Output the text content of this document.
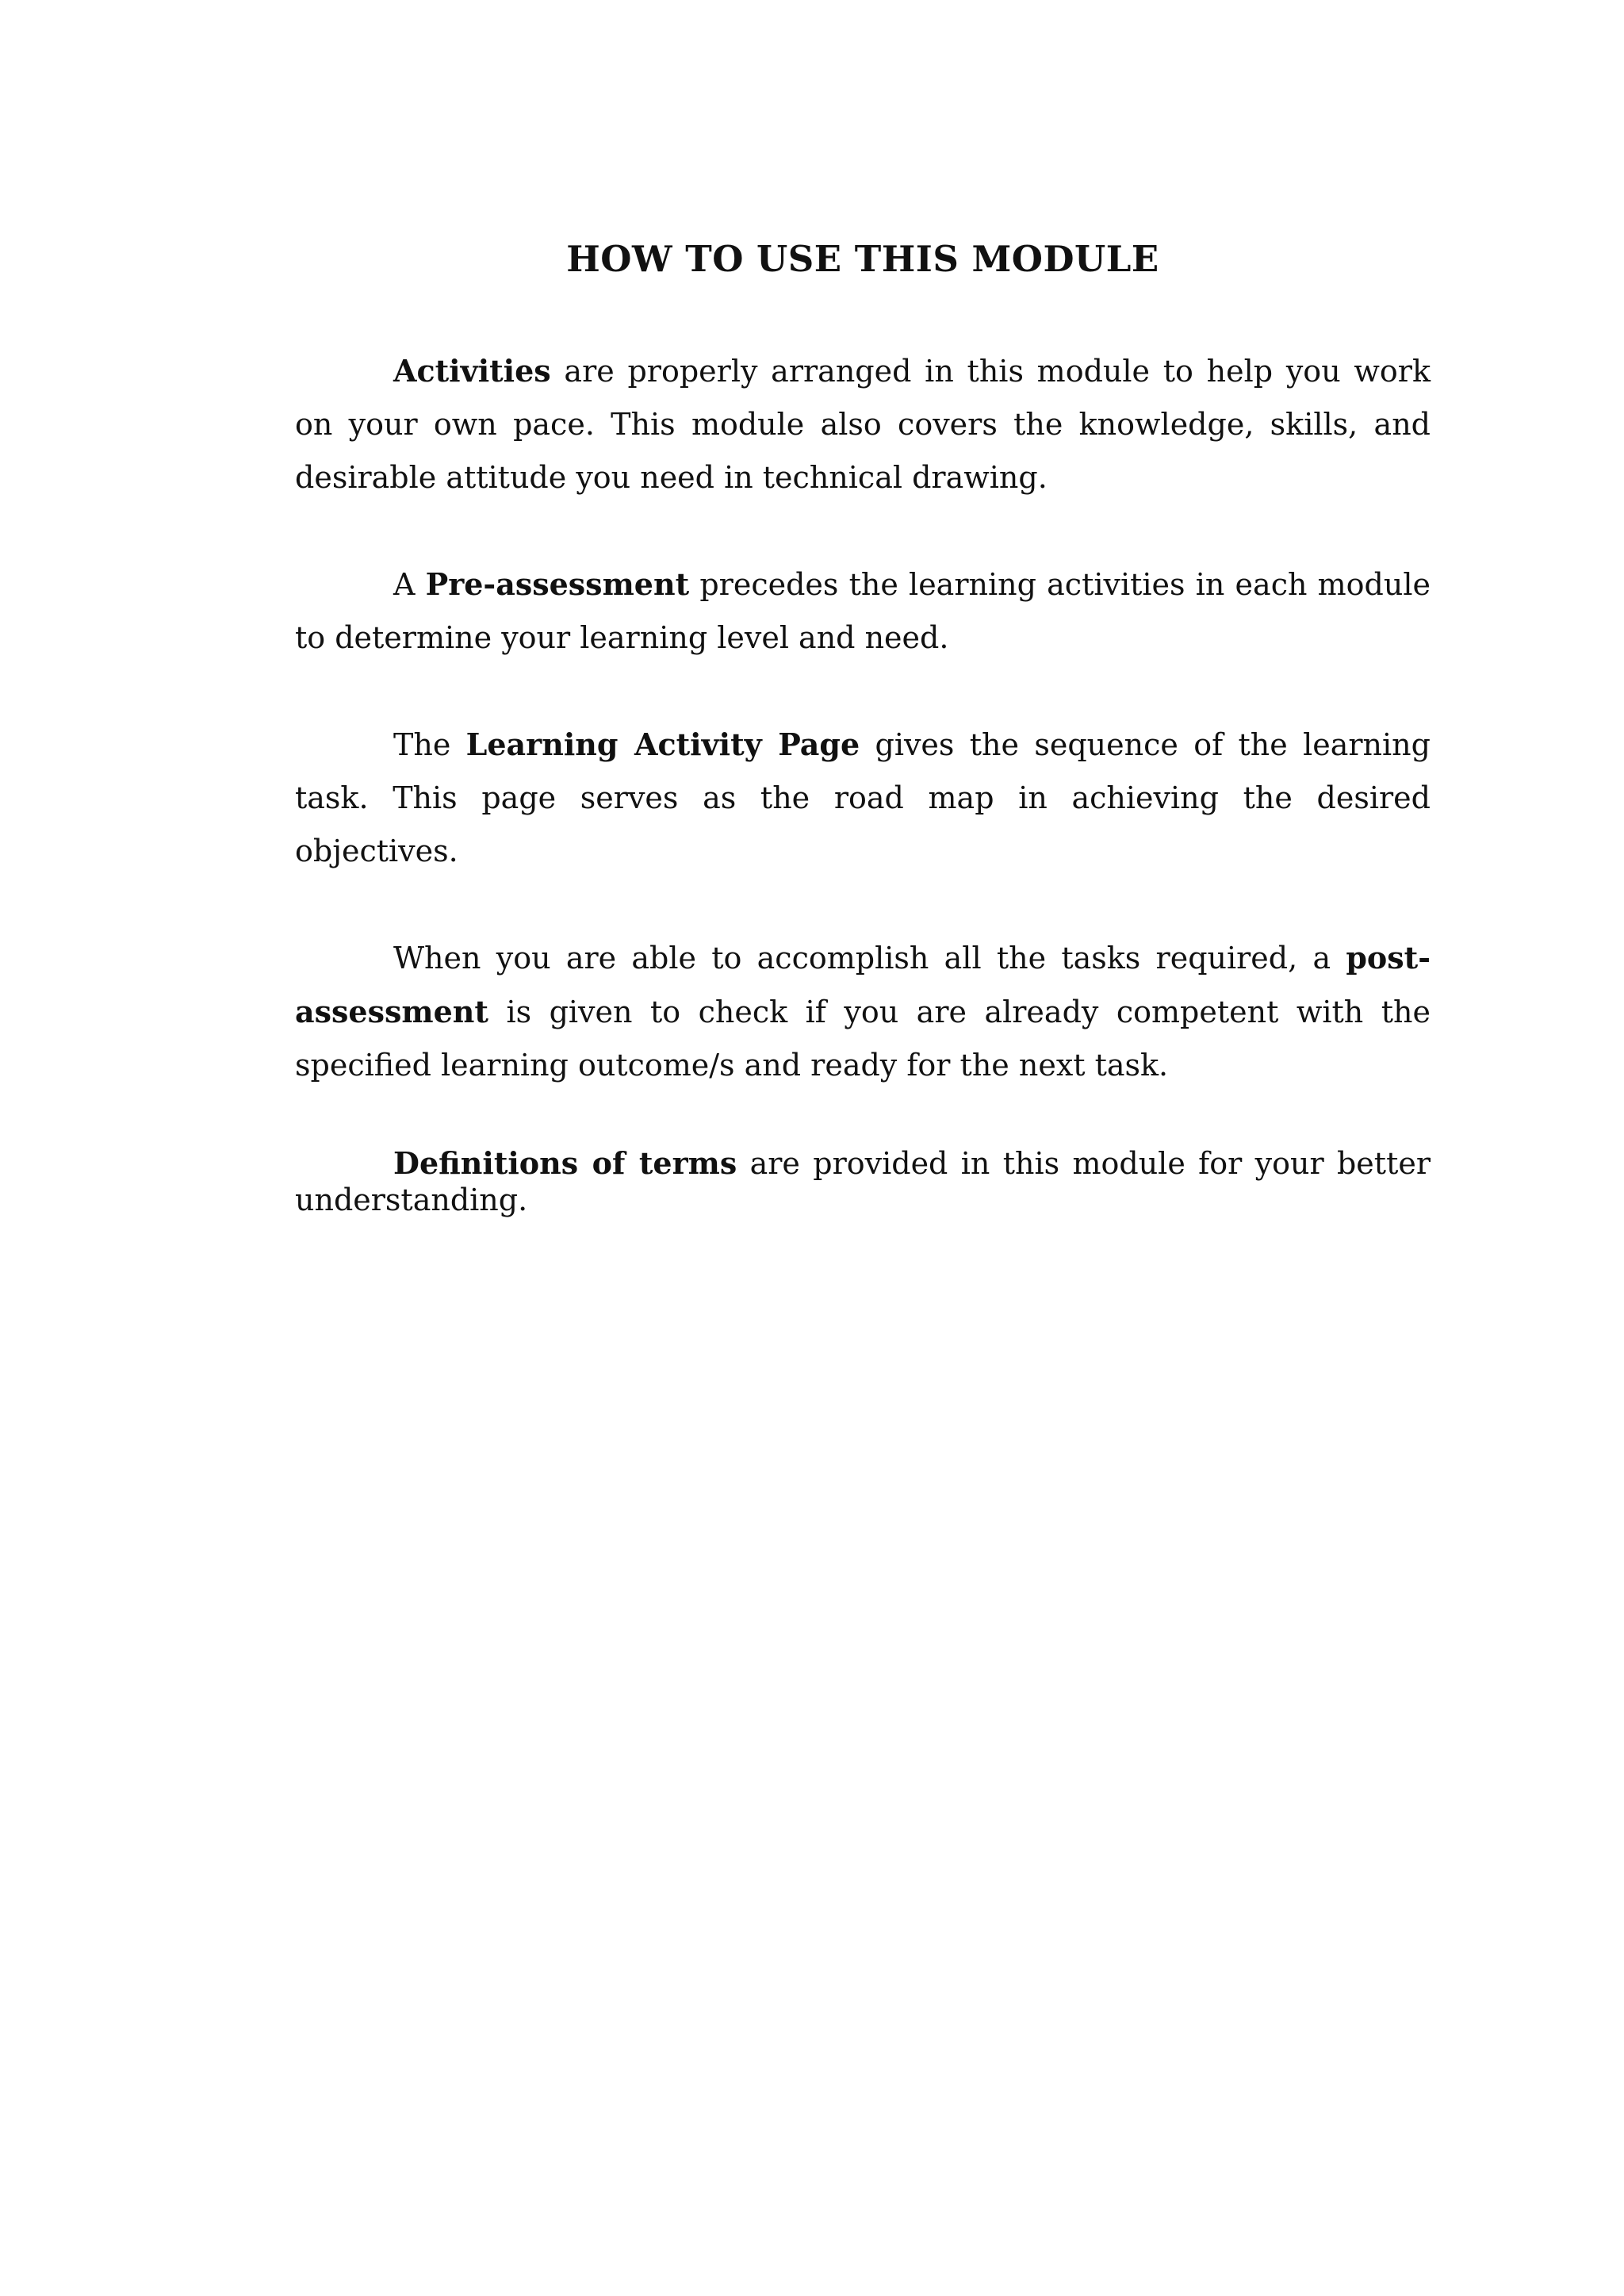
HOW TO USE THIS MODULE

Activities are properly arranged in this module to help you work on your own pace. This module also covers the knowledge, skills, and desirable attitude you need in technical drawing.

A Pre-assessment precedes the learning activities in each module to determine your learning level and need.

The Learning Activity Page gives the sequence of the learning task. This page serves as the road map in achieving the desired objectives.

When you are able to accomplish all the tasks required, a post-assessment is given to check if you are already competent with the specified learning outcome/s and ready for the next task.

Definitions of terms are provided in this module for your better understanding.
